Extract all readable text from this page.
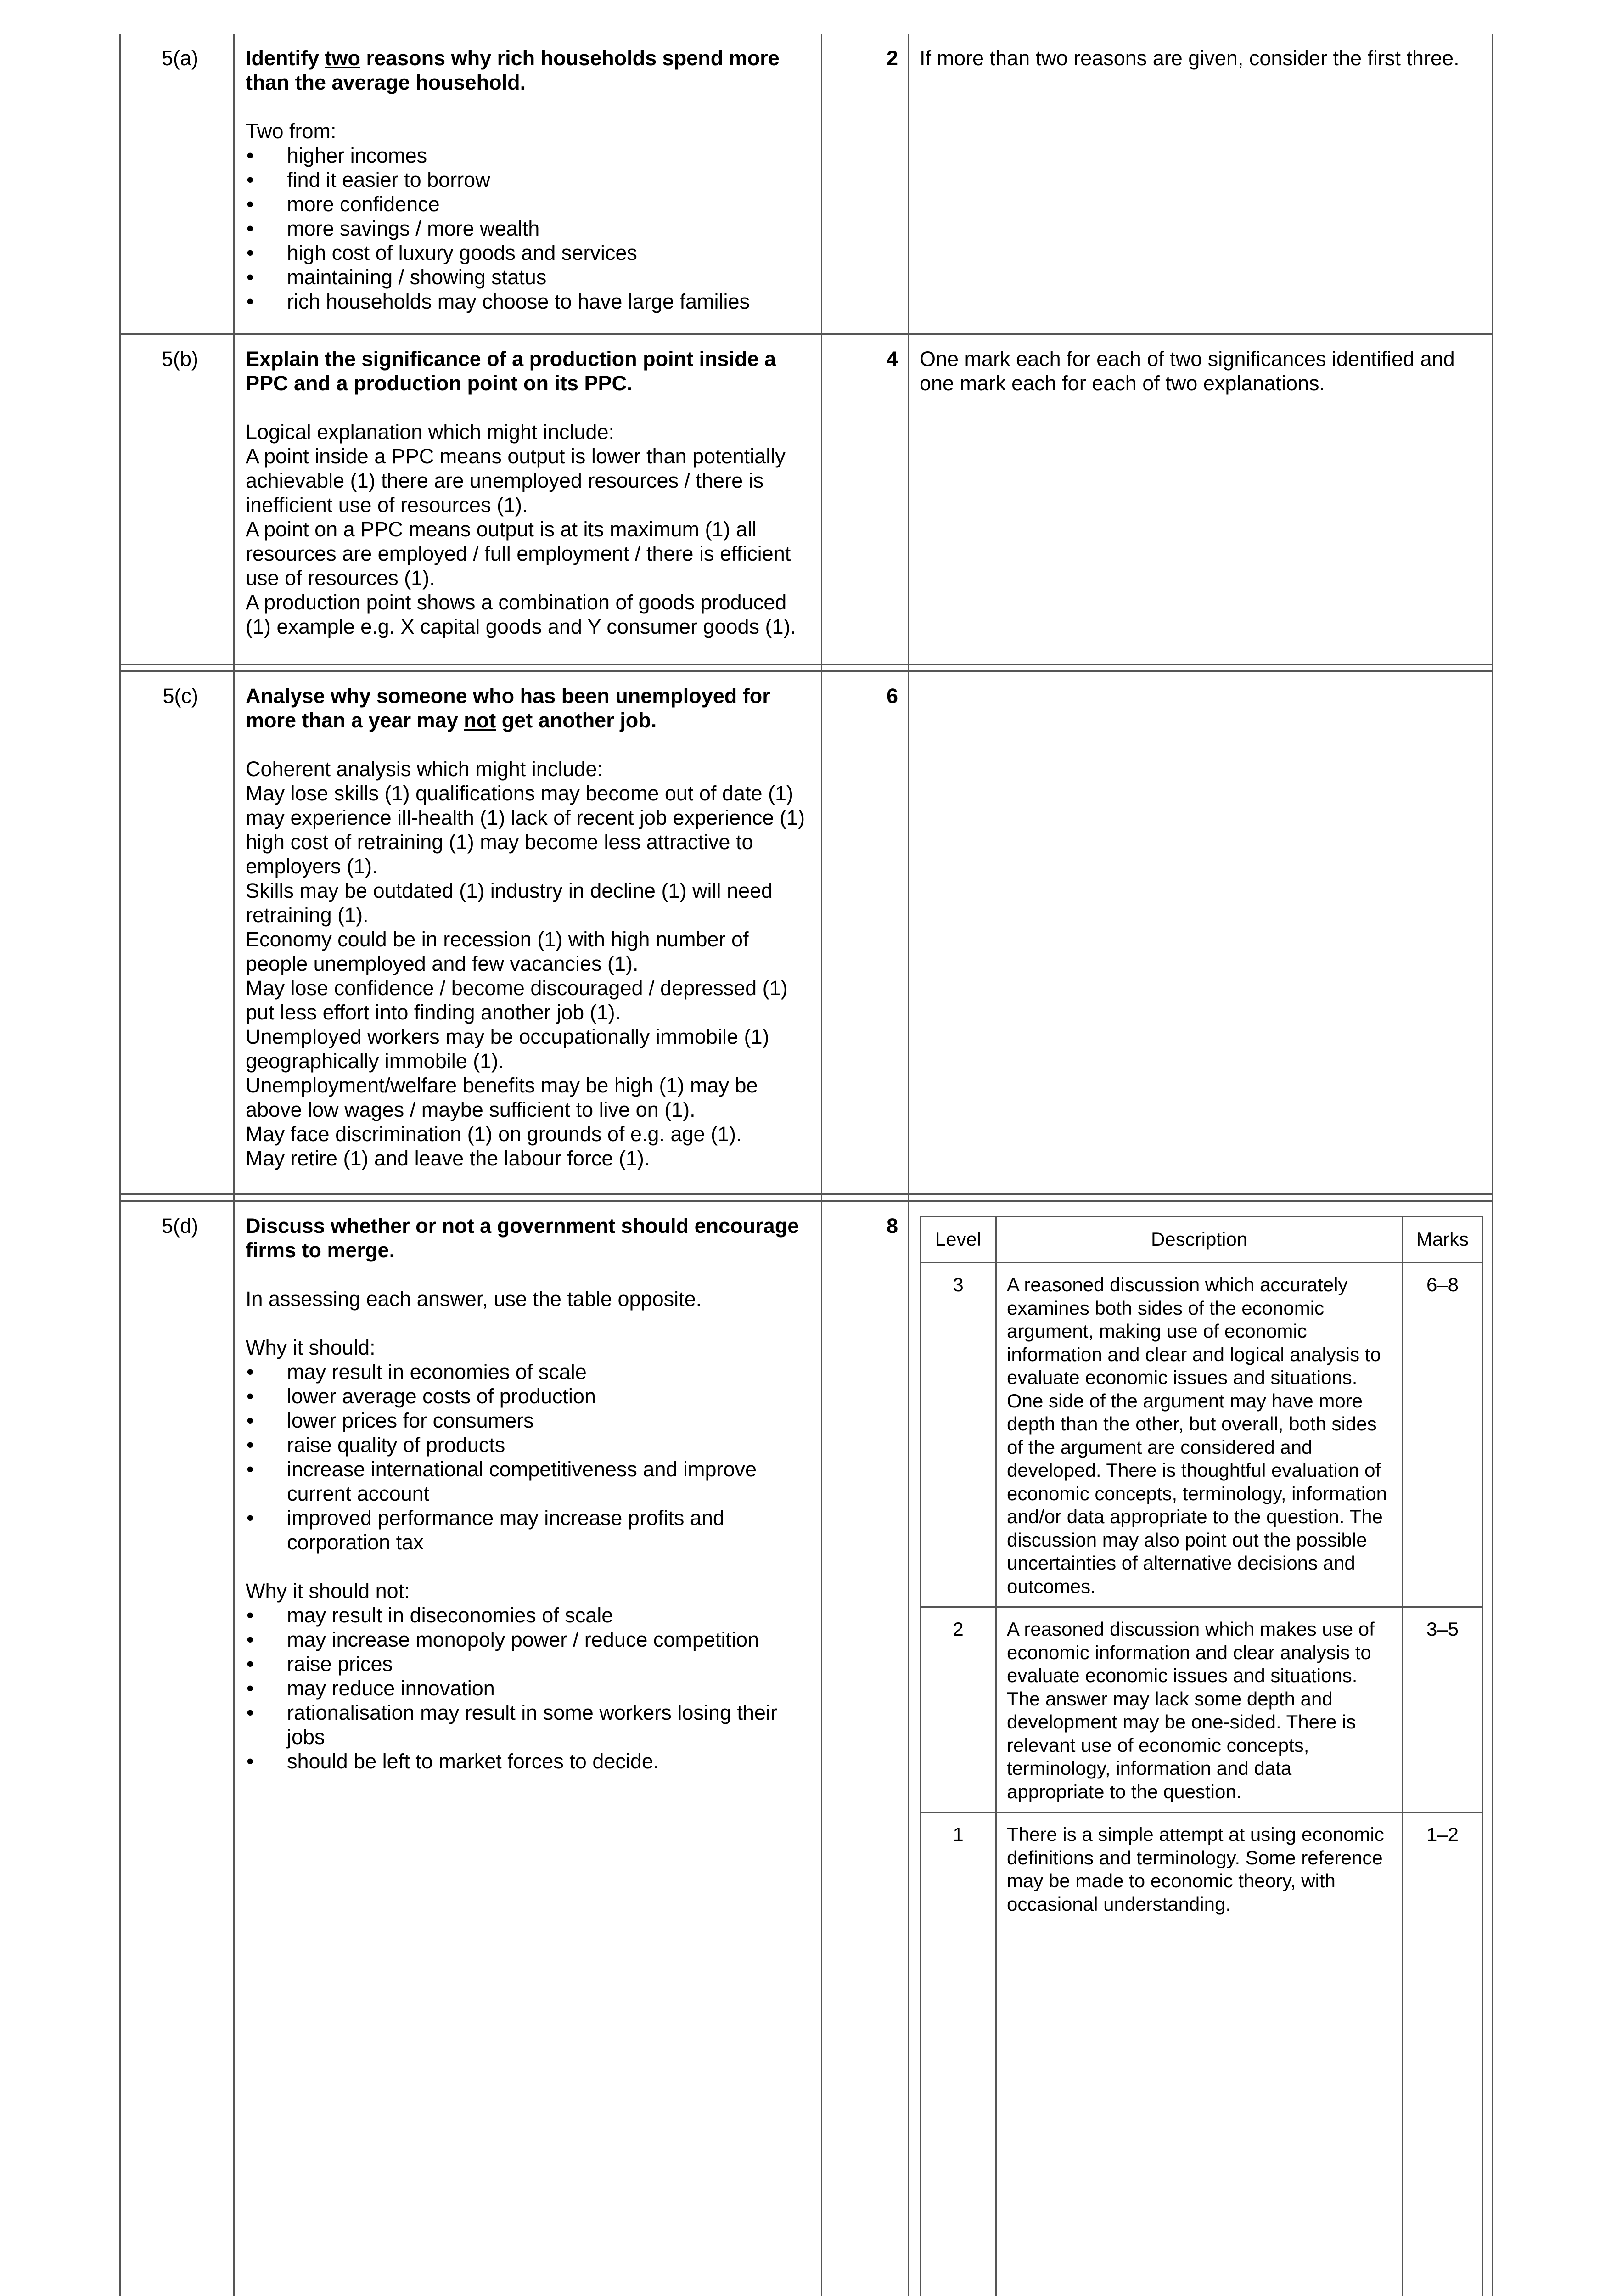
5(a)	Identify two reasons why rich households spend more than the average household.

Two from:

• higher incomes
• find it easier to borrow
• more confidence
• more savings / more wealth
• high cost of luxury goods and services
• maintaining / showing status
• rich households may choose to have large families
	2	If more than two reasons are given, consider the first three.
5(b)	Explain the significance of a production point inside a PPC and a production point on its PPC.

Logical explanation which might include:

A point inside a PPC means output is lower than potentially achievable (1) there are unemployed resources / there is inefficient use of resources (1).

A point on a PPC means output is at its maximum (1) all resources are employed / full employment / there is efficient use of resources (1).

A production point shows a combination of goods produced (1) example e.g. X capital goods and Y consumer goods (1).

	4	One mark each for each of two significances identified and one mark each for each of two explanations.

5(c)	Analyse why someone who has been unemployed for more than a year may not get another job.

Coherent analysis which might include:

May lose skills (1) qualifications may become out of date (1) may experience ill-health (1) lack of recent job experience (1) high cost of retraining (1) may become less attractive to employers (1).

Skills may be outdated (1) industry in decline (1) will need retraining (1).

Economy could be in recession (1) with high number of people unemployed and few vacancies (1).

May lose confidence / become discouraged / depressed (1) put less effort into finding another job (1).

Unemployed workers may be occupationally immobile (1) geographically immobile (1).

Unemployment/welfare benefits may be high (1) may be above low wages / maybe sufficient to live on (1).

May face discrimination (1) on grounds of e.g. age (1).

May retire (1) and leave the labour force (1).

	6	

5(d)	Discuss whether or not a government should encourage firms to merge.

In assessing each answer, use the table opposite.

Why it should:

• may result in economies of scale
• lower average costs of production
• lower prices for consumers
• raise quality of products
• increase international competitiveness and improve current account
• improved performance may increase profits and corporation tax

Why it should not:

• may result in diseconomies of scale
• may increase monopoly power / reduce competition
• raise prices
• may reduce innovation
• rationalisation may result in some workers losing their jobs
• should be left to market forces to decide.
	8	
Level	Description	Marks
3	A reasoned discussion which accurately examines both sides of the economic argument, making use of economic information and clear and logical analysis to evaluate economic issues and situations. One side of the argument may have more depth than the other, but overall, both sides of the argument are considered and developed. There is thoughtful evaluation of economic concepts, terminology, information and/or data appropriate to the question. The discussion may also point out the possible uncertainties of alternative decisions and outcomes.	6–8
2	A reasoned discussion which makes use of economic information and clear analysis to evaluate economic issues and situations. The answer may lack some depth and development may be one-sided. There is relevant use of economic concepts, terminology, information and data appropriate to the question.	3–5
1	There is a simple attempt at using economic definitions and terminology. Some reference may be made to economic theory, with occasional understanding.	1–2
